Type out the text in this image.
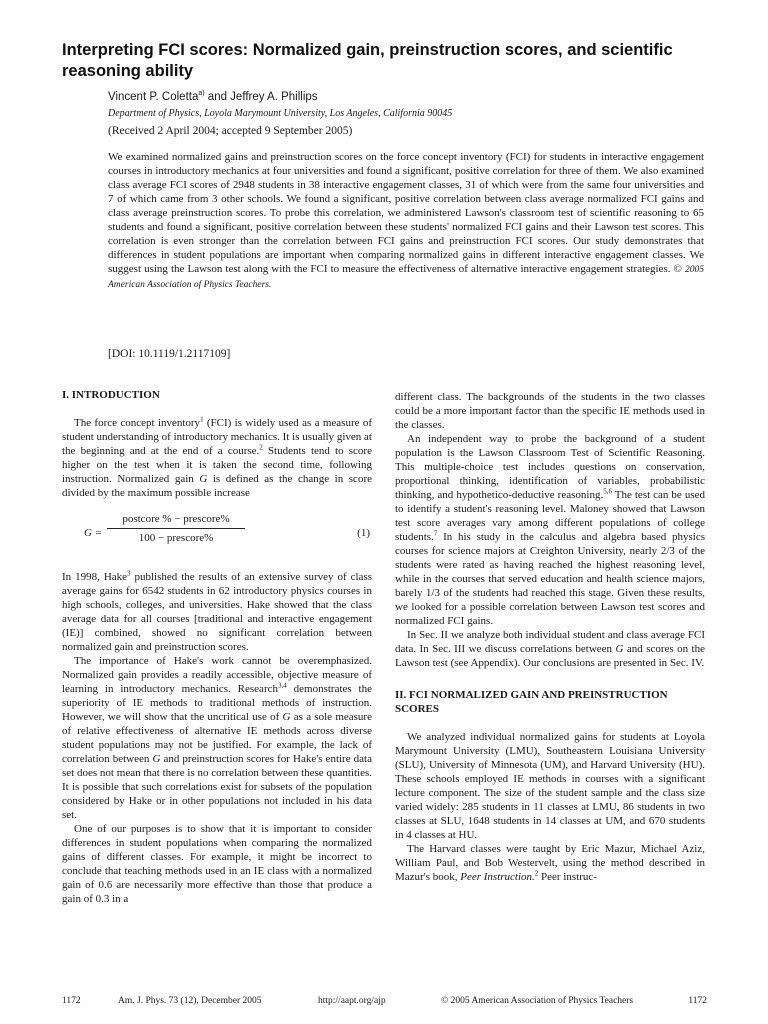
Interpreting FCI scores: Normalized gain, preinstruction scores, and scientific reasoning ability

Vincent P. Coletta$^{a)}$ and Jeffrey A. Phillips

Department of Physics, Loyola Marymount University, Los Angeles, California 90045

(Received 2 April 2004; accepted 9 September 2005)

We examined normalized gains and preinstruction scores on the force concept inventory (FCI) for students in interactive engagement courses in introductory mechanics at four universities and found a significant, positive correlation for three of them. We also examined class average FCI scores of 2948 students in 38 interactive engagement classes, 31 of which were from the same four universities and 7 of which came from 3 other schools. We found a significant, positive correlation between class average normalized FCI gains and class average preinstruction scores. To probe this correlation, we administered Lawson's classroom test of scientific reasoning to 65 students and found a significant, positive correlation between these students' normalized FCI gains and their Lawson test scores. This correlation is even stronger than the correlation between FCI gains and preinstruction FCI scores. Our study demonstrates that differences in student populations are important when comparing normalized gains in different interactive engagement classes. We suggest using the Lawson test along with the FCI to measure the effectiveness of alternative interactive engagement strategies. © 2005 American Association of Physics Teachers.

[DOI: 10.1119/1.2117109]

I. INTRODUCTION

The force concept inventory$^1$ (FCI) is widely used as a measure of student understanding of introductory mechanics. It is usually given at the beginning and at the end of a course.$^2$ Students tend to score higher on the test when it is taken the second time, following instruction. Normalized gain G is defined as the change in score divided by the maximum possible increase

G =
postcore % − prescore%
100 − prescore%	(1)

In 1998, Hake$^3$ published the results of an extensive survey of class average gains for 6542 students in 62 introductory physics courses in high schools, colleges, and universities. Hake showed that the class average data for all courses [traditional and interactive engagement (IE)] combined, showed no significant correlation between normalized gain and preinstruction scores.

The importance of Hake's work cannot be overemphasized. Normalized gain provides a readily accessible, objective measure of learning in introductory mechanics. Research$^{3,4}$ demonstrates the superiority of IE methods to traditional methods of instruction. However, we will show that the uncritical use of G as a sole measure of relative effectiveness of alternative IE methods across diverse student populations may not be justified. For example, the lack of correlation between G and preinstruction scores for Hake's entire data set does not mean that there is no correlation between these quantities. It is possible that such correlations exist for subsets of the population considered by Hake or in other populations not included in his data set.

One of our purposes is to show that it is important to consider differences in student populations when comparing the normalized gains of different classes. For example, it might be incorrect to conclude that teaching methods used in an IE class with a normalized gain of 0.6 are necessarily more effective than those that produce a gain of 0.3 in a

different class. The backgrounds of the students in the two classes could be a more important factor than the specific IE methods used in the classes.

An independent way to probe the background of a student population is the Lawson Classroom Test of Scientific Reasoning. This multiple-choice test includes questions on conservation, proportional thinking, identification of variables, probabilistic thinking, and hypothetico-deductive reasoning.$^{5,6}$ The test can be used to identify a student's reasoning level. Maloney showed that Lawson test score averages vary among different populations of college students.$^7$ In his study in the calculus and algebra based physics courses for science majors at Creighton University, nearly 2/3 of the students were rated as having reached the highest reasoning level, while in the courses that served education and health science majors, barely 1/3 of the students had reached this stage. Given these results, we looked for a possible correlation between Lawson test scores and normalized FCI gains.

In Sec. II we analyze both individual student and class average FCI data. In Sec. III we discuss correlations between G and scores on the Lawson test (see Appendix). Our conclusions are presented in Sec. IV.

II. FCI NORMALIZED GAIN AND PREINSTRUCTION SCORES

We analyzed individual normalized gains for students at Loyola Marymount University (LMU), Southeastern Louisiana University (SLU), University of Minnesota (UM), and Harvard University (HU). These schools employed IE methods in courses with a significant lecture component. The size of the student sample and the class size varied widely: 285 students in 11 classes at LMU, 86 students in two classes at SLU, 1648 students in 14 classes at UM, and 670 students in 4 classes at HU.

The Harvard classes were taught by Eric Mazur, Michael Aziz, William Paul, and Bob Westervelt, using the method described in Mazur's book, Peer Instruction.$^2$ Peer instruc-

1172	Am. J. Phys. 73 (12), December 2005	http://aapt.org/ajp	© 2005 American Association of Physics Teachers	1172
